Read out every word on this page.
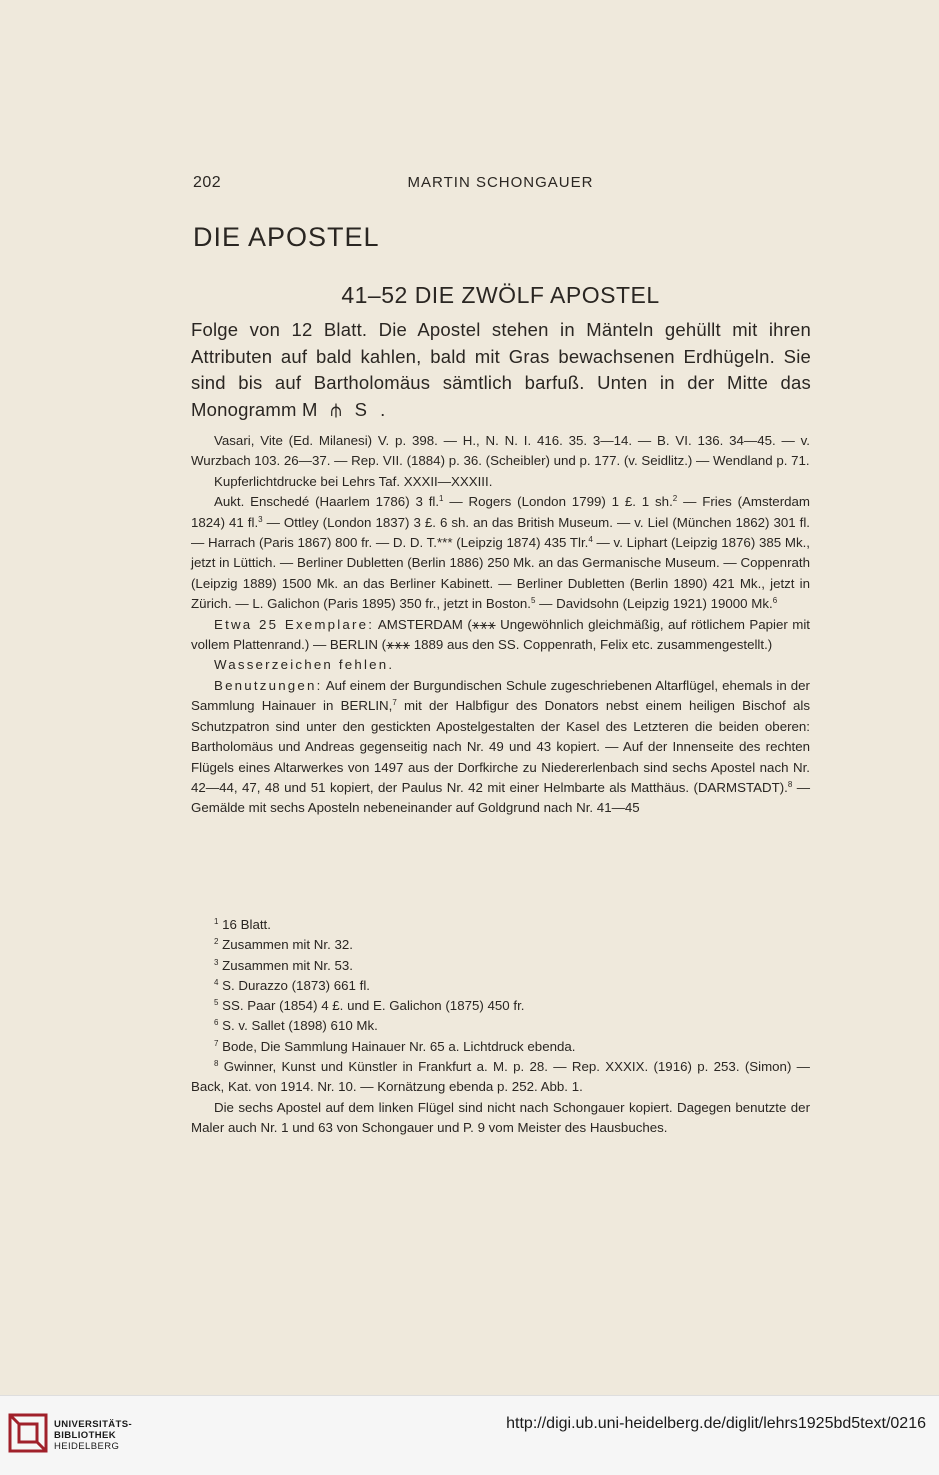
202	MARTIN SCHONGAUER
DIE APOSTEL
41–52 DIE ZWÖLF APOSTEL
Folge von 12 Blatt. Die Apostel stehen in Mänteln gehüllt mit ihren Attributen auf bald kahlen, bald mit Gras bewachsenen Erdhügeln. Sie sind bis auf Bartholomäus sämtlich barfuß. Unten in der Mitte das Monogramm M ⫛ S .

Vasari, Vite (Ed. Milanesi) V. p. 398. — H., N. N. I. 416. 35. 3—14. — B. VI. 136. 34—45. — v. Wurzbach 103. 26—37. — Rep. VII. (1884) p. 36. (Scheibler) und p. 177. (v. Seidlitz.) — Wendland p. 71.

Kupferlichtdrucke bei Lehrs Taf. XXXII—XXXIII.

Aukt. Enschedé (Haarlem 1786) 3 fl.$^1$ — Rogers (London 1799) 1 £. 1 sh.$^2$ — Fries (Amsterdam 1824) 41 fl.$^3$ — Ottley (London 1837) 3 £. 6 sh. an das British Museum. — v. Liel (München 1862) 301 fl. — Harrach (Paris 1867) 800 fr. — D. D. T.*** (Leipzig 1874) 435 Tlr.$^4$ — v. Liphart (Leipzig 1876) 385 Mk., jetzt in Lüttich. — Berliner Dubletten (Berlin 1886) 250 Mk. an das Germanische Museum. — Coppenrath (Leipzig 1889) 1500 Mk. an das Berliner Kabinett. — Berliner Dubletten (Berlin 1890) 421 Mk., jetzt in Zürich. — L. Galichon (Paris 1895) 350 fr., jetzt in Boston.$^5$ — Davidsohn (Leipzig 1921) 19000 Mk.$^6$

Etwa 25 Exemplare: AMSTERDAM (⚹⚹⚹ Ungewöhnlich gleichmäßig, auf rötlichem Papier mit vollem Plattenrand.) — BERLIN (⚹⚹⚹ 1889 aus den SS. Coppenrath, Felix etc. zusammengestellt.)

Wasserzeichen fehlen.

Benutzungen: Auf einem der Burgundischen Schule zugeschriebenen Altarflügel, ehemals in der Sammlung Hainauer in BERLIN,$^7$ mit der Halbfigur des Donators nebst einem heiligen Bischof als Schutzpatron sind unter den gestickten Apostelgestalten der Kasel des Letzteren die beiden oberen: Bartholomäus und Andreas gegenseitig nach Nr. 49 und 43 kopiert. — Auf der Innenseite des rechten Flügels eines Altarwerkes von 1497 aus der Dorfkirche zu Niedererlenbach sind sechs Apostel nach Nr. 42—44, 47, 48 und 51 kopiert, der Paulus Nr. 42 mit einer Helmbarte als Matthäus. (DARMSTADT).$^8$ — Gemälde mit sechs Aposteln nebeneinander auf Goldgrund nach Nr. 41—45

$^1$ 16 Blatt.

$^2$ Zusammen mit Nr. 32.

$^3$ Zusammen mit Nr. 53.

$^4$ S. Durazzo (1873) 661 fl.

$^5$ SS. Paar (1854) 4 £. und E. Galichon (1875) 450 fr.

$^6$ S. v. Sallet (1898) 610 Mk.

$^7$ Bode, Die Sammlung Hainauer Nr. 65 a. Lichtdruck ebenda.

$^8$ Gwinner, Kunst und Künstler in Frankfurt a. M. p. 28. — Rep. XXXIX. (1916) p. 253. (Simon) — Back, Kat. von 1914. Nr. 10. — Kornätzung ebenda p. 252. Abb. 1.

Die sechs Apostel auf dem linken Flügel sind nicht nach Schongauer kopiert. Dagegen benutzte der Maler auch Nr. 1 und 63 von Schongauer und P. 9 vom Meister des Hausbuches.

UNIVERSITÄTS-
BIBLIOTHEK
HEIDELBERG
http://digi.ub.uni-heidelberg.de/diglit/lehrs1925bd5text/0216
